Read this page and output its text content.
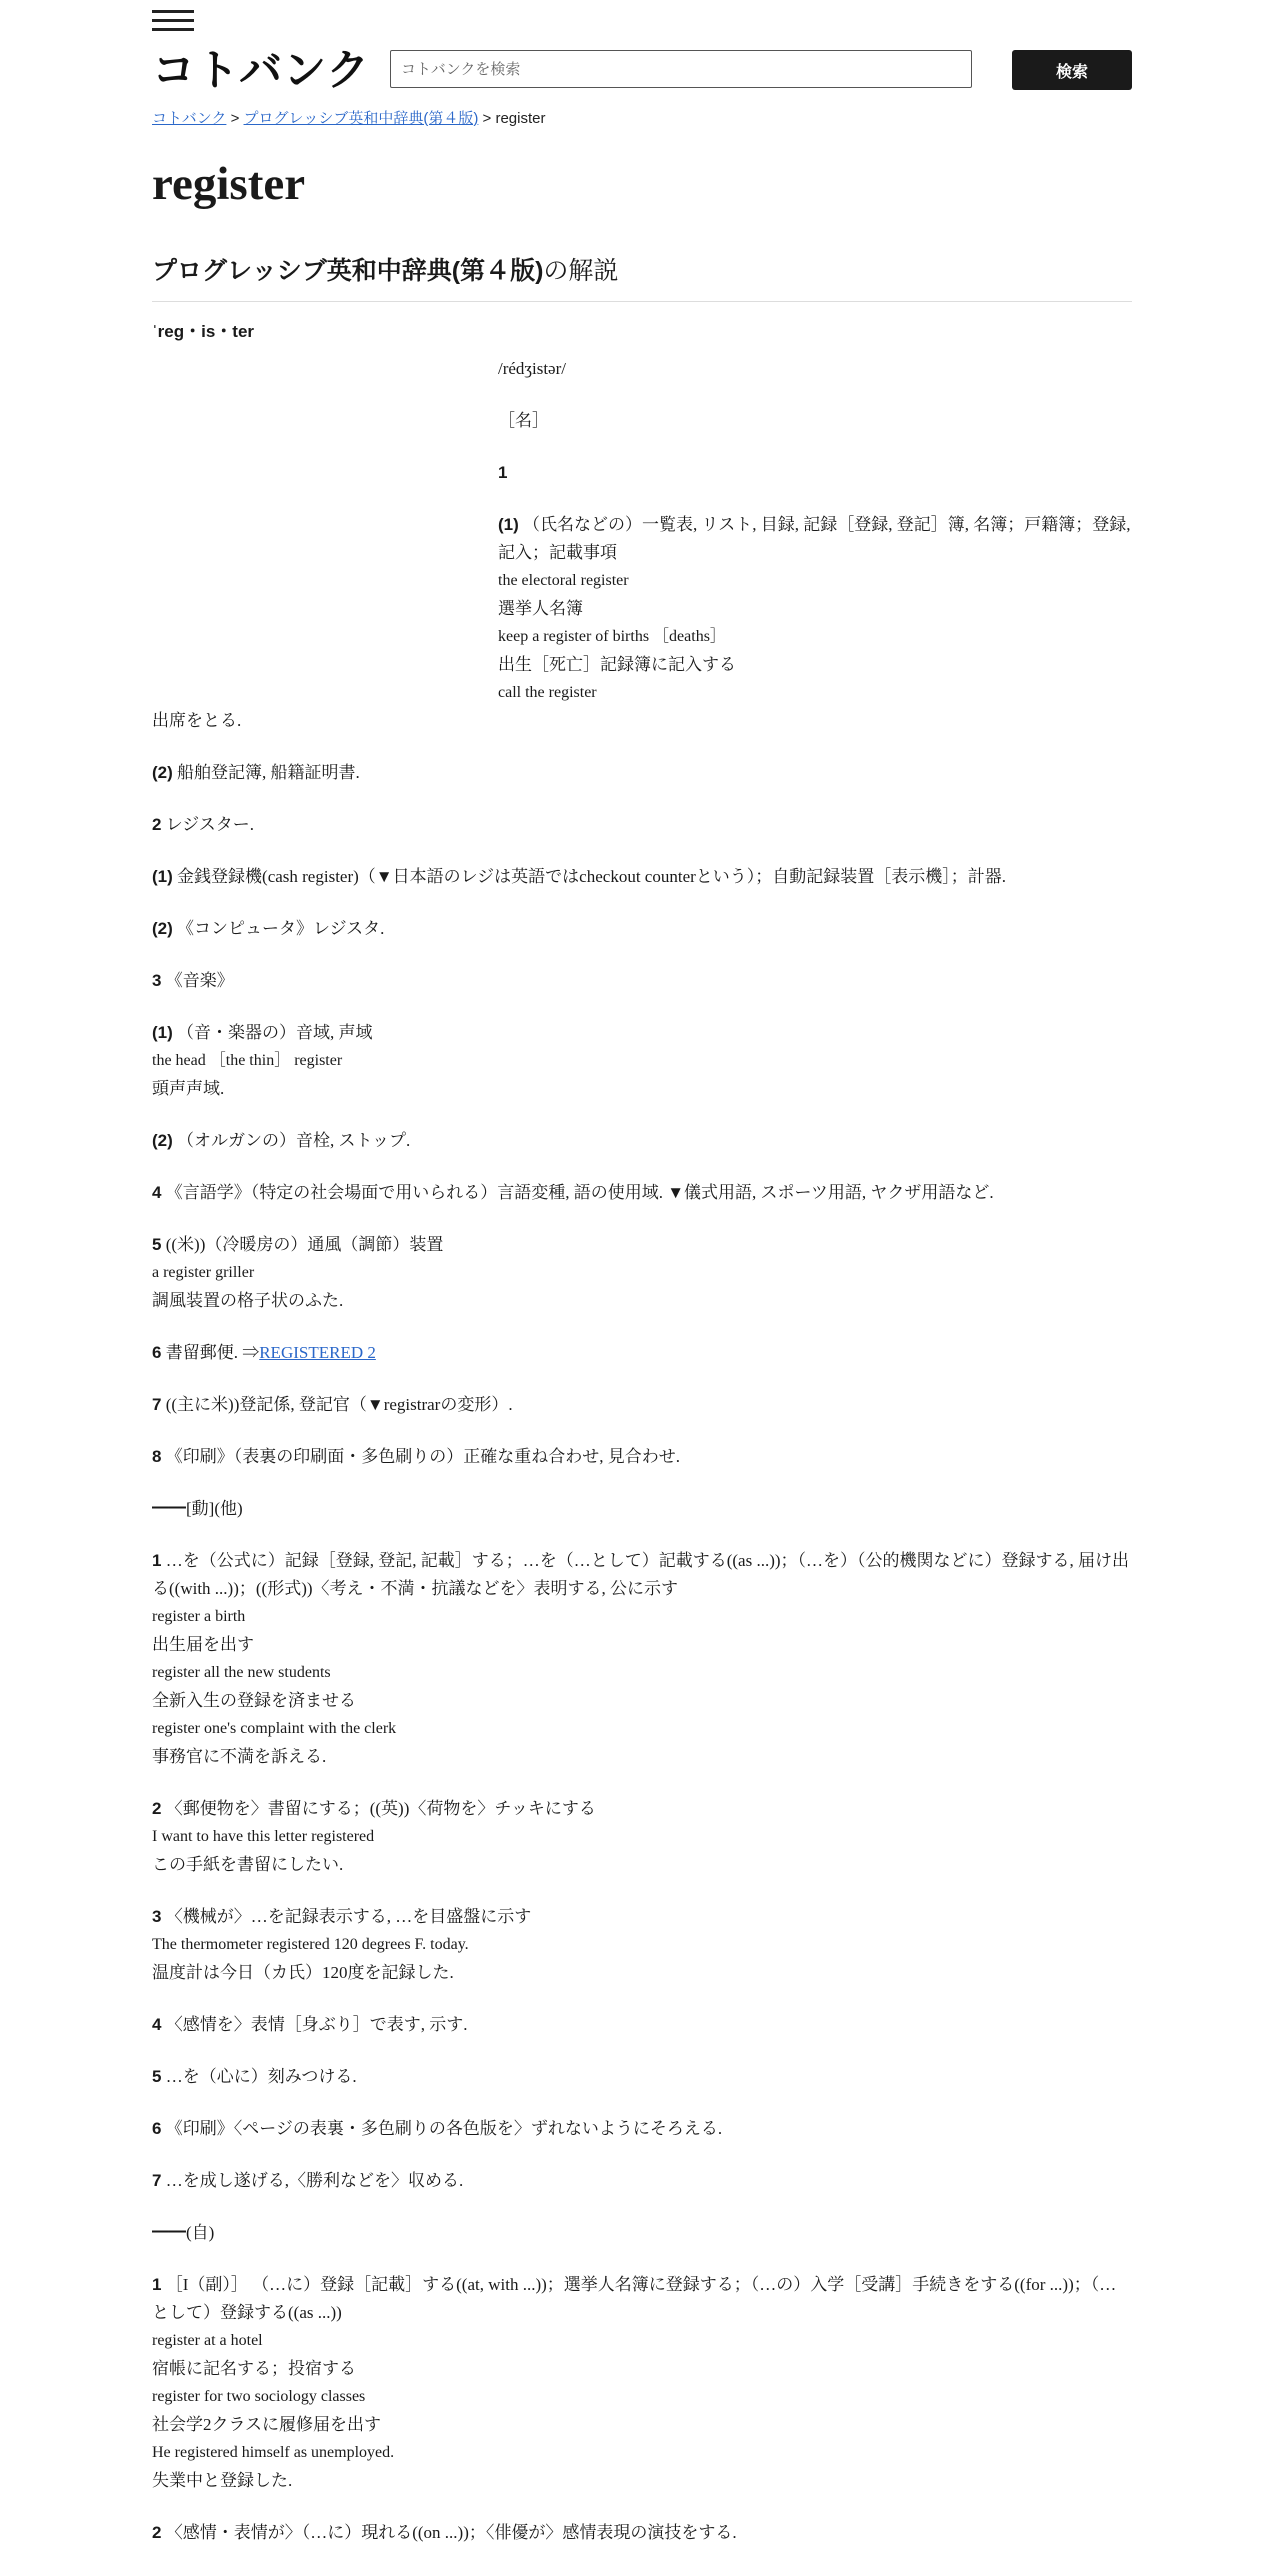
コトバンク
コトバンクを検索	検索
コトバンク > プログレッシブ英和中辞典(第４版) > register
register
プログレッシブ英和中辞典(第４版)の解説
ˈreg・is・ter

/rédʒistər/

［名］

1

(1) （氏名などの）一覧表, リスト, 目録, 記録［登録, 登記］簿, 名簿；戸籍簿；登録, 記入；記載事項
the electoral register
選挙人名簿
keep a register of births ［deaths］
出生［死亡］記録簿に記入する
call the register
出席をとる.

(2) 船舶登記簿, 船籍証明書.

2 レジスター.

(1) 金銭登録機(cash register)（▼日本語のレジは英語ではcheckout counterという）；自動記録装置［表示機］；計器.

(2) 《コンピュータ》レジスタ.

3 《音楽》

(1) （音・楽器の）音域, 声域
the head ［the thin］ register
頭声声域.

(2) （オルガンの）音栓, ストップ.

4 《言語学》（特定の社会場面で用いられる）言語変種, 語の使用域. ▼儀式用語, スポーツ用語, ヤクザ用語など.

5 ((米))（冷暖房の）通風（調節）装置
a register griller
調風装置の格子状のふた.

6 書留郵便. ⇒REGISTERED 2

7 ((主に米))登記係, 登記官（▼registrarの変形）.

8 《印刷》（表裏の印刷面・多色刷りの）正確な重ね合わせ, 見合わせ.

━━[動](他)

1 …を（公式に）記録［登録, 登記, 記載］する；…を（…として）記載する((as ...))；（…を）（公的機関などに）登録する, 届け出る((with ...))；((形式))〈考え・不満・抗議などを〉表明する, 公に示す
register a birth
出生届を出す
register all the new students
全新入生の登録を済ませる
register one's complaint with the clerk
事務官に不満を訴える.

2 〈郵便物を〉書留にする；((英))〈荷物を〉チッキにする
I want to have this letter registered
この手紙を書留にしたい.

3 〈機械が〉…を記録表示する, …を目盛盤に示す
The thermometer registered 120 degrees F. today.
温度計は今日（カ氏）120度を記録した.

4 〈感情を〉表情［身ぶり］で表す, 示す.

5 …を（心に）刻みつける.

6 《印刷》〈ページの表裏・多色刷りの各色版を〉ずれないようにそろえる.

7 …を成し遂げる,〈勝利などを〉収める.

━━(自)

1 ［I（副）］ （…に）登録［記載］する((at, with ...))；選挙人名簿に登録する；（…の）入学［受講］手続きをする((for ...))；（…として）登録する((as ...))
register at a hotel
宿帳に記名する；投宿する
register for two sociology classes
社会学2クラスに履修届を出す
He registered himself as unemployed.
失業中と登録した.

2 〈感情・表情が〉（…に）現れる((on ...))；〈俳優が〉感情表現の演技をする.
